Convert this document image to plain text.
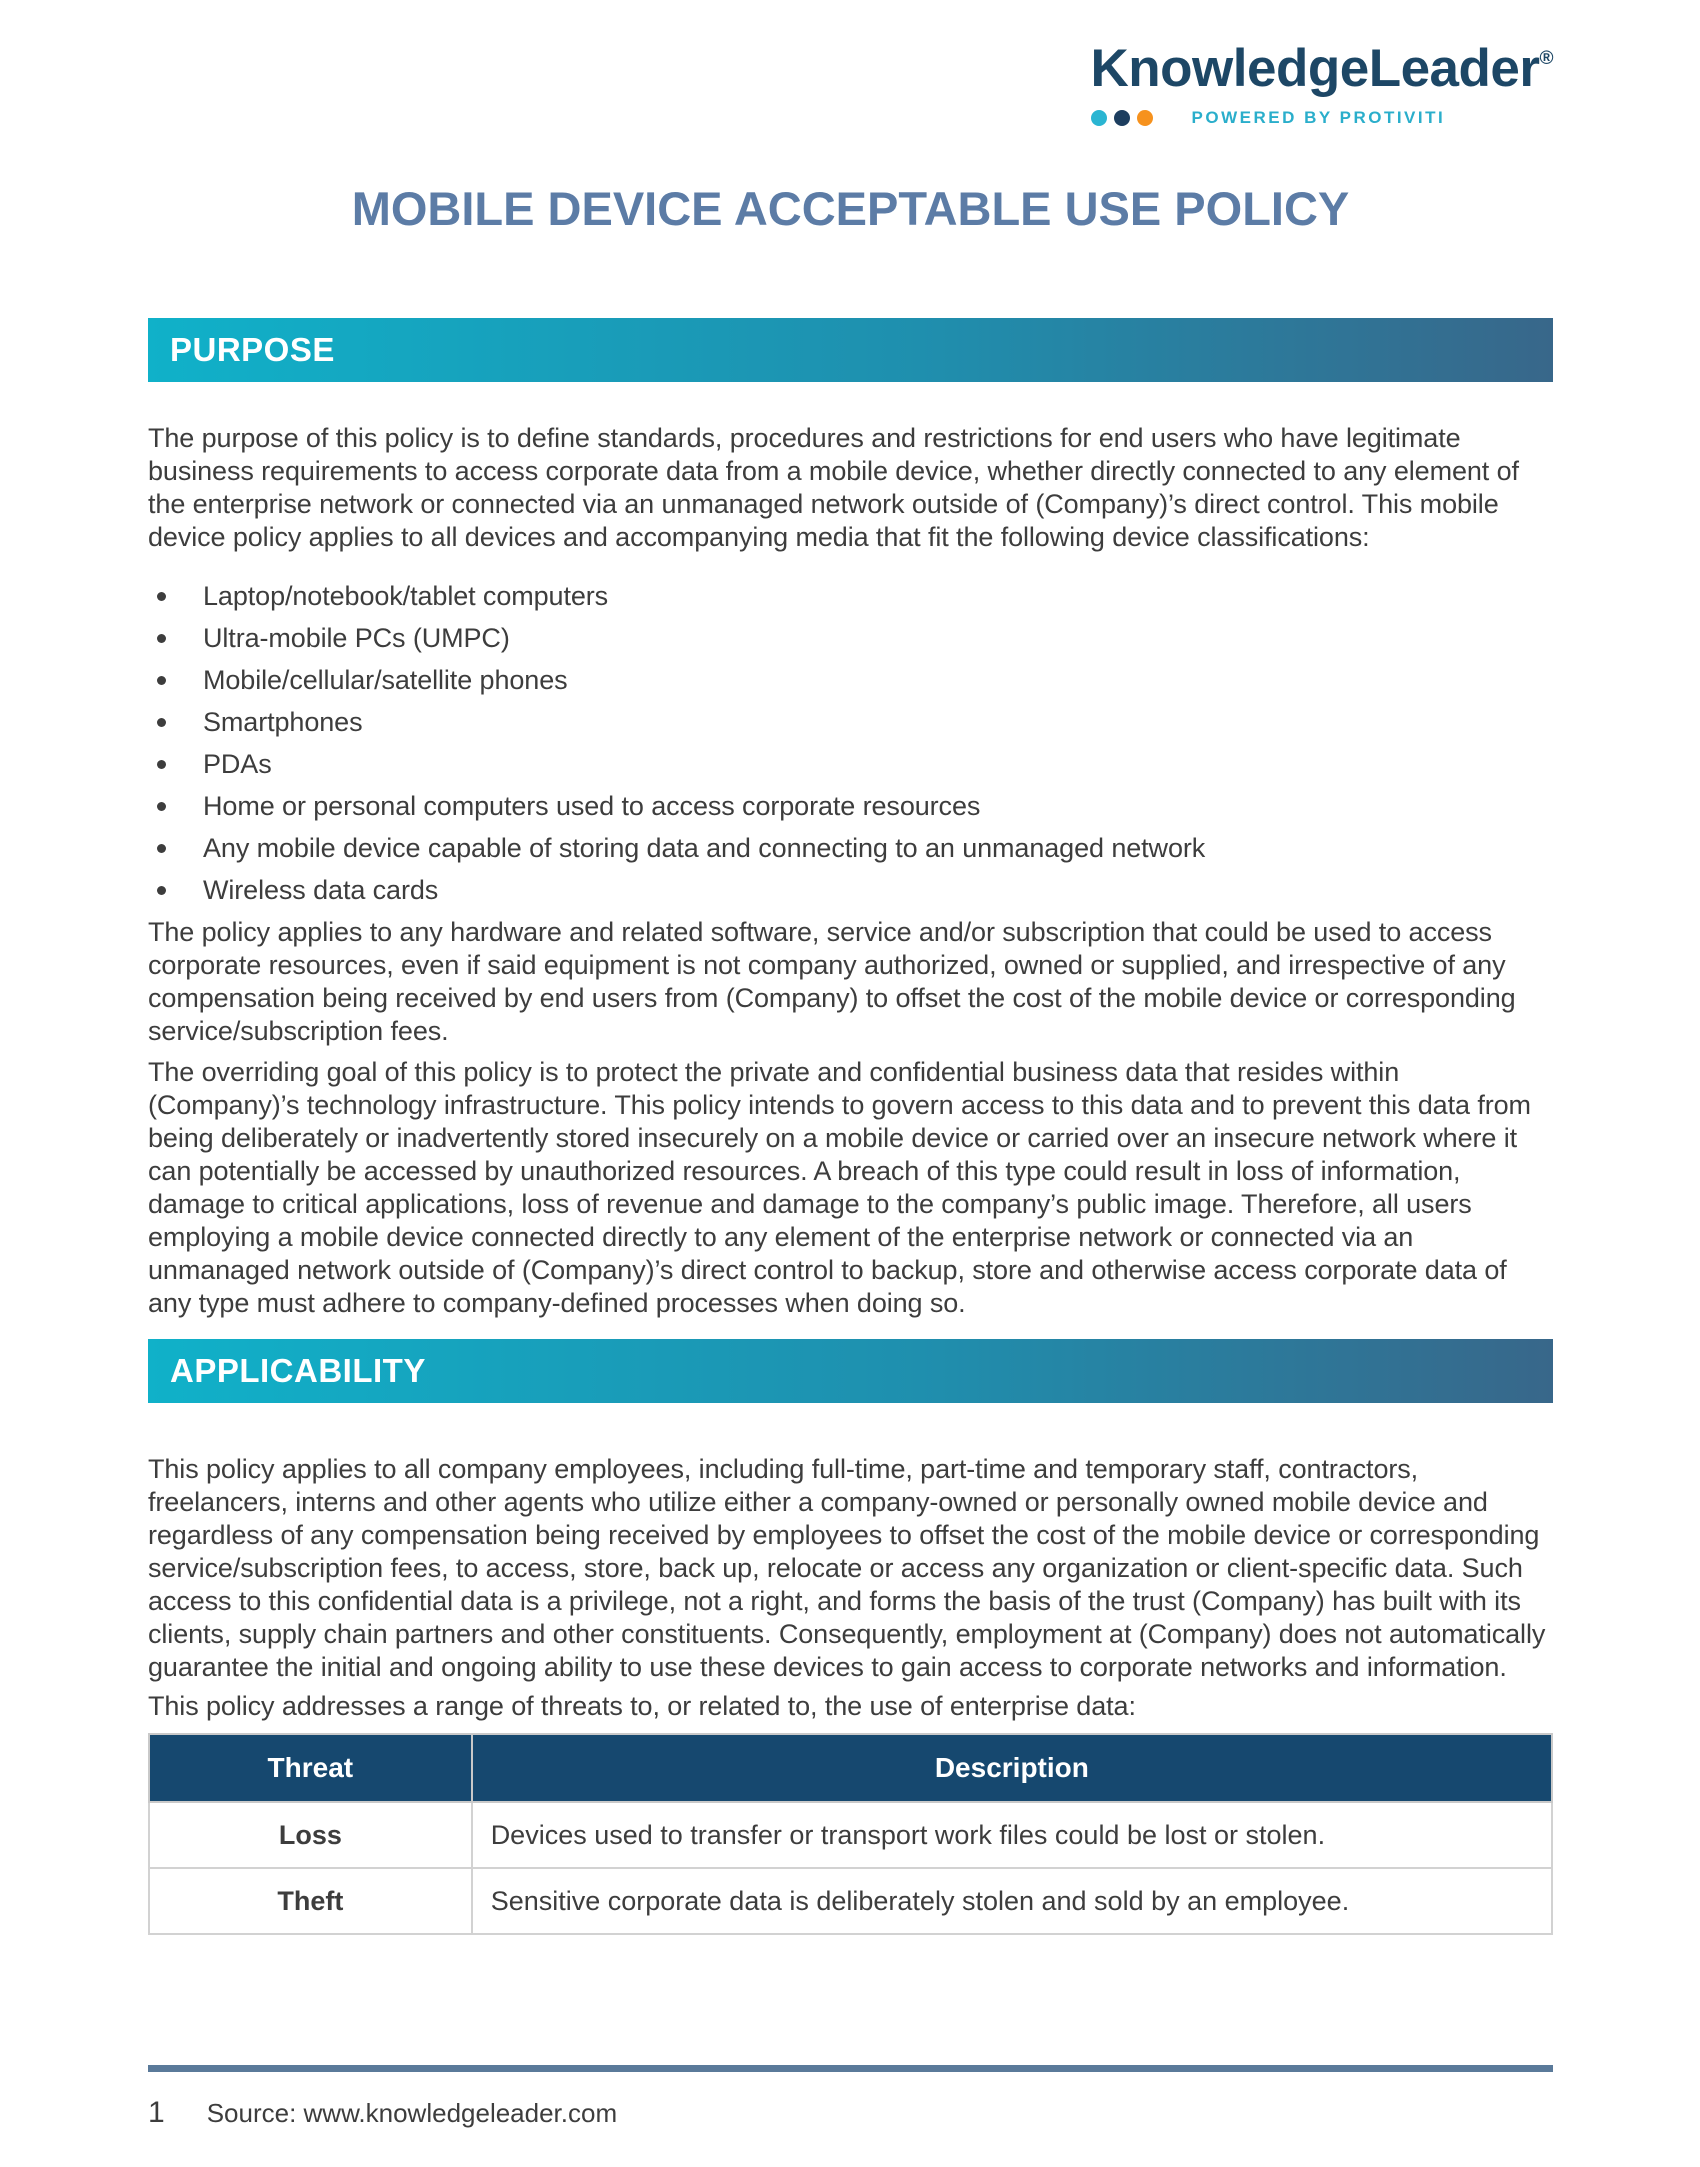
KnowledgeLeader®
POWERED BY PROTIVITI
MOBILE DEVICE ACCEPTABLE USE POLICY
PURPOSE

The purpose of this policy is to define standards, procedures and restrictions for end users who have legitimate business requirements to access corporate data from a mobile device, whether directly connected to any element of the enterprise network or connected via an unmanaged network outside of (Company)’s direct control. This mobile device policy applies to all devices and accompanying media that fit the following device classifications:

Laptop/notebook/tablet computers
Ultra-mobile PCs (UMPC)
Mobile/cellular/satellite phones
Smartphones
PDAs
Home or personal computers used to access corporate resources
Any mobile device capable of storing data and connecting to an unmanaged network
Wireless data cards

The policy applies to any hardware and related software, service and/or subscription that could be used to access corporate resources, even if said equipment is not company authorized, owned or supplied, and irrespective of any compensation being received by end users from (Company) to offset the cost of the mobile device or corresponding service/subscription fees.

The overriding goal of this policy is to protect the private and confidential business data that resides within (Company)’s technology infrastructure. This policy intends to govern access to this data and to prevent this data from being deliberately or inadvertently stored insecurely on a mobile device or carried over an insecure network where it can potentially be accessed by unauthorized resources. A breach of this type could result in loss of information, damage to critical applications, loss of revenue and damage to the company’s public image. Therefore, all users employing a mobile device connected directly to any element of the enterprise network or connected via an unmanaged network outside of (Company)’s direct control to backup, store and otherwise access corporate data of any type must adhere to company-defined processes when doing so.

APPLICABILITY

This policy applies to all company employees, including full-time, part-time and temporary staff, contractors, freelancers, interns and other agents who utilize either a company-owned or personally owned mobile device and regardless of any compensation being received by employees to offset the cost of the mobile device or corresponding service/subscription fees, to access, store, back up, relocate or access any organization or client-specific data. Such access to this confidential data is a privilege, not a right, and forms the basis of the trust (Company) has built with its clients, supply chain partners and other constituents. Consequently, employment at (Company) does not automatically guarantee the initial and ongoing ability to use these devices to gain access to corporate networks and information.

This policy addresses a range of threats to, or related to, the use of enterprise data:

Threat	Description
Loss	Devices used to transfer or transport work files could be lost or stolen.
Theft	Sensitive corporate data is deliberately stolen and sold by an employee.
1 Source: www.knowledgeleader.com
